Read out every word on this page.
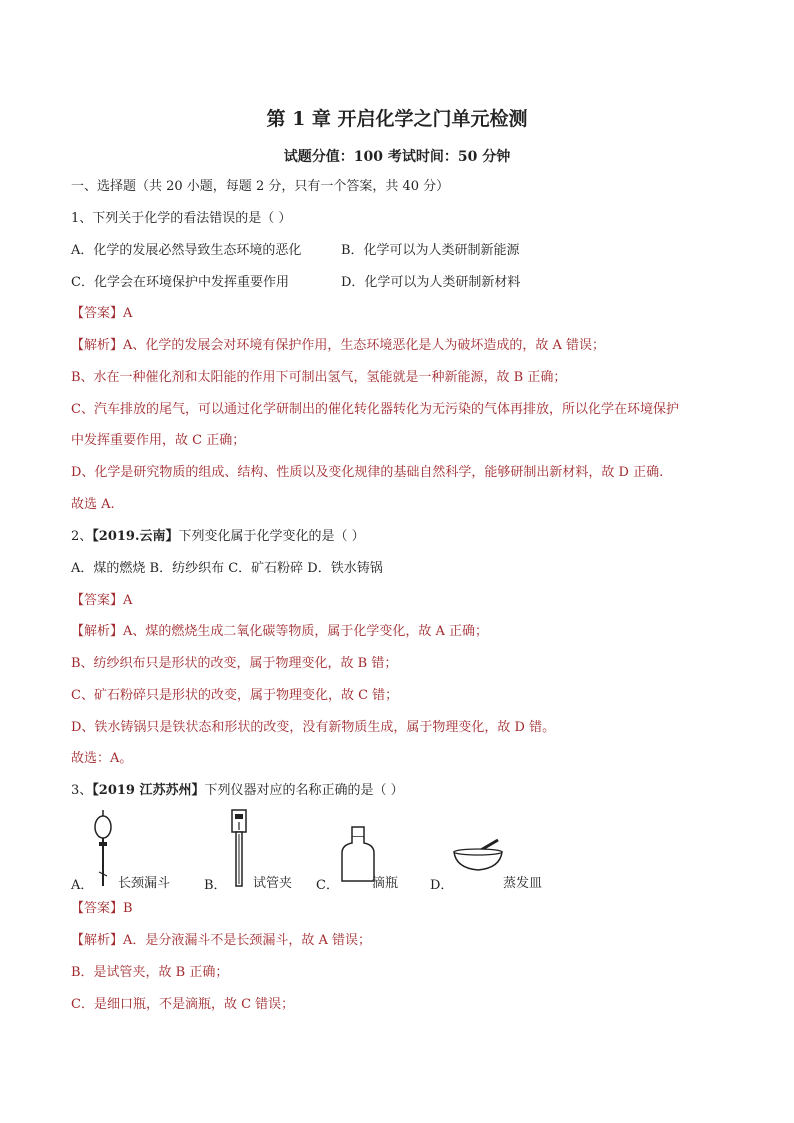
第 1 章 开启化学之门单元检测
试题分值：100 考试时间：50 分钟
一、选择题（共 20 小题，每题 2 分，只有一个答案，共 40 分）
1、下列关于化学的看法错误的是（ ）
A．化学的发展必然导致生态环境的恶化	B．化学可以为人类研制新能源
C．化学会在环境保护中发挥重要作用	D．化学可以为人类研制新材料
【答案】A
【解析】A、化学的发展会对环境有保护作用，生态环境恶化是人为破坏造成的，故 A 错误；
B、水在一种催化剂和太阳能的作用下可制出氢气，氢能就是一种新能源，故 B 正确；
C、汽车排放的尾气，可以通过化学研制出的催化转化器转化为无污染的气体再排放，所以化学在环境保护
中发挥重要作用，故 C 正确；
D、化学是研究物质的组成、结构、性质以及变化规律的基础自然科学，能够研制出新材料，故 D 正确.
故选 A.
2、【2019.云南】下列变化属于化学变化的是（ ）
A．煤的燃烧 B．纺纱织布 C．矿石粉碎 D．铁水铸锅
【答案】A
【解析】A、煤的燃烧生成二氧化碳等物质，属于化学变化，故 A 正确；
B、纺纱织布只是形状的改变，属于物理变化，故 B 错；
C、矿石粉碎只是形状的改变，属于物理变化，故 C 错；
D、铁水铸锅只是铁状态和形状的改变，没有新物质生成，属于物理变化，故 D 错。
故选：A。
3、【2019 江苏苏州】下列仪器对应的名称正确的是（ ）
A． 长颈漏斗	B． 试管夹 C．	滴瓶 D．	蒸发皿
【答案】B
【解析】A．是分液漏斗不是长颈漏斗，故 A 错误；
B．是试管夹，故 B 正确；
C．是细口瓶，不是滴瓶，故 C 错误；
